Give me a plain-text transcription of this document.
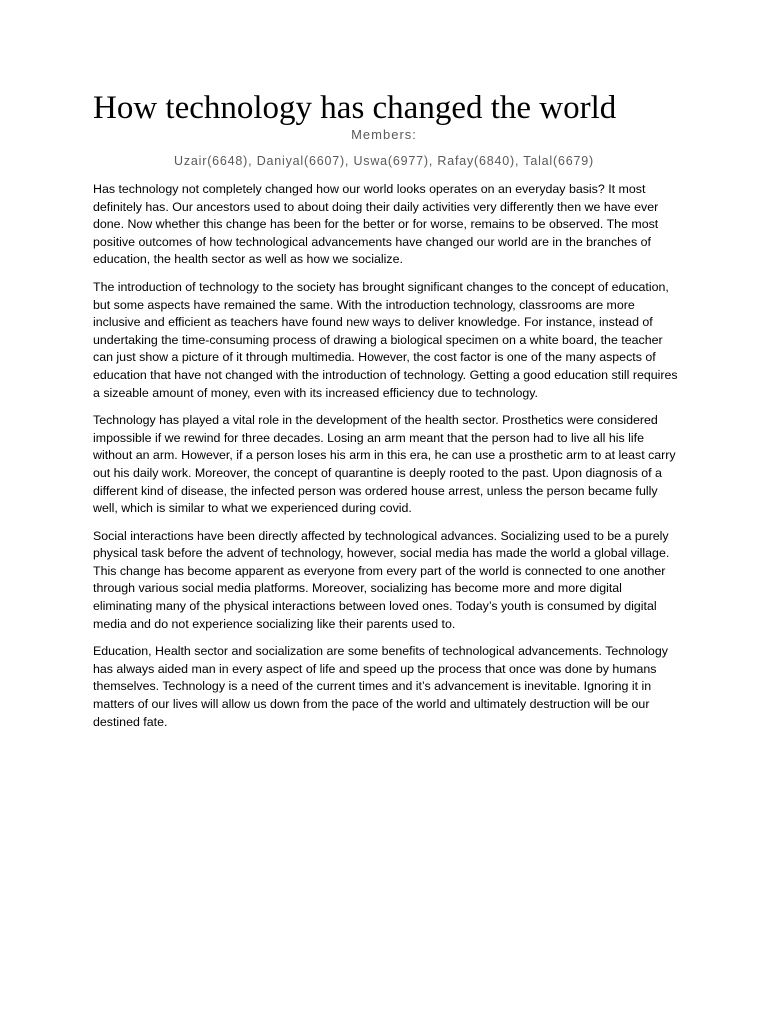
How technology has changed the world
Members:
Uzair(6648), Daniyal(6607), Uswa(6977), Rafay(6840), Talal(6679)

Has technology not completely changed how our world looks operates on an everyday basis? It most definitely has. Our ancestors used to about doing their daily activities very differently then we have ever done. Now whether this change has been for the better or for worse, remains to be observed. The most positive outcomes of how technological advancements have changed our world are in the branches of education, the health sector as well as how we socialize.

The introduction of technology to the society has brought significant changes to the concept of education, but some aspects have remained the same. With the introduction technology, classrooms are more inclusive and efficient as teachers have found new ways to deliver knowledge. For instance, instead of undertaking the time-consuming process of drawing a biological specimen on a white board, the teacher can just show a picture of it through multimedia. However, the cost factor is one of the many aspects of education that have not changed with the introduction of technology. Getting a good education still requires a sizeable amount of money, even with its increased efficiency due to technology.

Technology has played a vital role in the development of the health sector. Prosthetics were considered impossible if we rewind for three decades. Losing an arm meant that the person had to live all his life without an arm. However, if a person loses his arm in this era, he can use a prosthetic arm to at least carry out his daily work. Moreover, the concept of quarantine is deeply rooted to the past. Upon diagnosis of a different kind of disease, the infected person was ordered house arrest, unless the person became fully well, which is similar to what we experienced during covid.

Social interactions have been directly affected by technological advances. Socializing used to be a purely physical task before the advent of technology, however, social media has made the world a global village. This change has become apparent as everyone from every part of the world is connected to one another through various social media platforms. Moreover, socializing has become more and more digital eliminating many of the physical interactions between loved ones. Today’s youth is consumed by digital media and do not experience socializing like their parents used to.

Education, Health sector and socialization are some benefits of technological advancements. Technology has always aided man in every aspect of life and speed up the process that once was done by humans themselves. Technology is a need of the current times and it’s advancement is inevitable. Ignoring it in matters of our lives will allow us down from the pace of the world and ultimately destruction will be our destined fate.
